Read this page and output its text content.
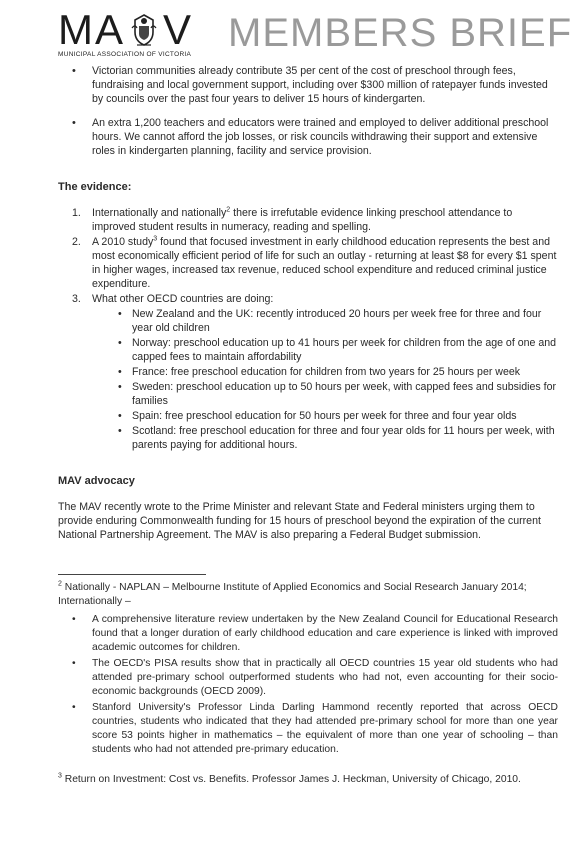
MA V
MUNICIPAL ASSOCIATION OF VICTORIA MEMBERS BRIEF
• Victorian communities already contribute 35 per cent of the cost of preschool through fees, fundraising and local government support, including over $300 million of ratepayer funds invested by councils over the past four years to deliver 15 hours of kindergarten.
• An extra 1,200 teachers and educators were trained and employed to deliver additional preschool hours. We cannot afford the job losses, or risk councils withdrawing their support and extensive roles in kindergarten planning, facility and service provision.
The evidence:
1. Internationally and nationally$^2$ there is irrefutable evidence linking preschool attendance to improved student results in numeracy, reading and spelling.
2. A 2010 study$^3$ found that focused investment in early childhood education represents the best and most economically efficient period of life for such an outlay - returning at least $8 for every $1 spent in higher wages, increased tax revenue, reduced school expenditure and reduced criminal justice expenditure.
3. What other OECD countries are doing:
• New Zealand and the UK: recently introduced 20 hours per week free for three and four year old children
• Norway: preschool education up to 41 hours per week for children from the age of one and capped fees to maintain affordability
• France: free preschool education for children from two years for 25 hours per week
• Sweden: preschool education up to 50 hours per week, with capped fees and subsidies for families
• Spain: free preschool education for 50 hours per week for three and four year olds
• Scotland: free preschool education for three and four year olds for 11 hours per week, with parents paying for additional hours.
MAV advocacy

The MAV recently wrote to the Prime Minister and relevant State and Federal ministers urging them to provide enduring Commonwealth funding for 15 hours of preschool beyond the expiration of the current National Partnership Agreement. The MAV is also preparing a Federal Budget submission.

$^2$ Nationally - NAPLAN – Melbourne Institute of Applied Economics and Social Research January 2014; Internationally –

• A comprehensive literature review undertaken by the New Zealand Council for Educational Research found that a longer duration of early childhood education and care experience is linked with improved academic outcomes for children.
• The OECD's PISA results show that in practically all OECD countries 15 year old students who had attended pre-primary school outperformed students who had not, even accounting for their socio-economic backgrounds (OECD 2009).
• Stanford University's Professor Linda Darling Hammond recently reported that across OECD countries, students who indicated that they had attended pre-primary school for more than one year score 53 points higher in mathematics – the equivalent of more than one year of schooling – than students who had not attended pre-primary education.

$^3$ Return on Investment: Cost vs. Benefits. Professor James J. Heckman, University of Chicago, 2010.
